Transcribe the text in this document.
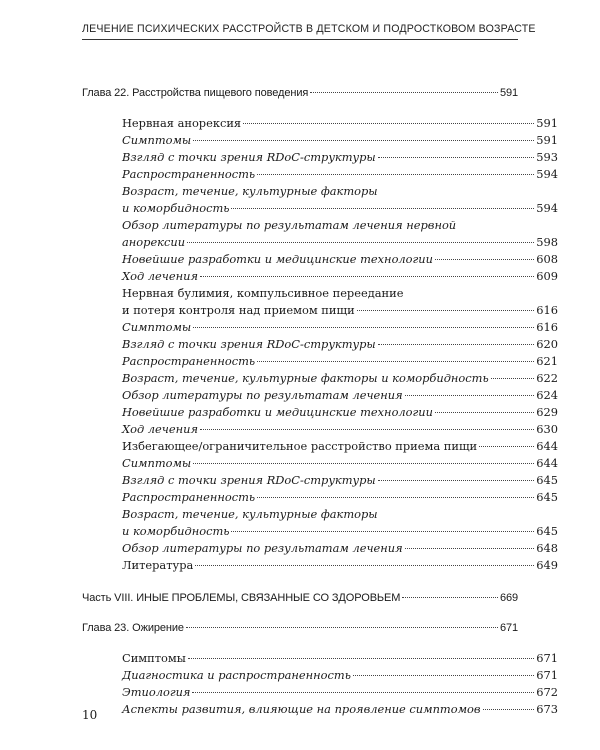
ЛЕЧЕНИЕ ПСИХИЧЕСКИХ РАССТРОЙСТВ В ДЕТСКОМ И ПОДРОСТКОВОМ ВОЗРАСТЕ
Глава 22. Расстройства пищевого поведения	591
Нервная анорексия	591
Симптомы	591
Взгляд с точки зрения RDoC-структуры	593
Распространенность	594
Возраст, течение, культурные факторы
и коморбидность	594
Обзор литературы по результатам лечения нервной
анорексии	598
Новейшие разработки и медицинские технологии	608
Ход лечения	609
Нервная булимия, компульсивное переедание
и потеря контроля над приемом пищи	616
Симптомы	616
Взгляд с точки зрения RDoC-структуры	620
Распространенность	621
Возраст, течение, культурные факторы и коморбидность	622
Обзор литературы по результатам лечения	624
Новейшие разработки и медицинские технологии	629
Ход лечения	630
Избегающее/ограничительное расстройство приема пищи	644
Симптомы	644
Взгляд с точки зрения RDoC-структуры	645
Распространенность	645
Возраст, течение, культурные факторы
и коморбидность	645
Обзор литературы по результатам лечения	648
Литература	649
Часть VIII. ИНЫЕ ПРОБЛЕМЫ, СВЯЗАННЫЕ СО ЗДОРОВЬЕМ	669
Глава 23. Ожирение	671
Симптомы	671
Диагностика и распространенность	671
Этиология	672
Аспекты развития, влияющие на проявление симптомов	673
10
